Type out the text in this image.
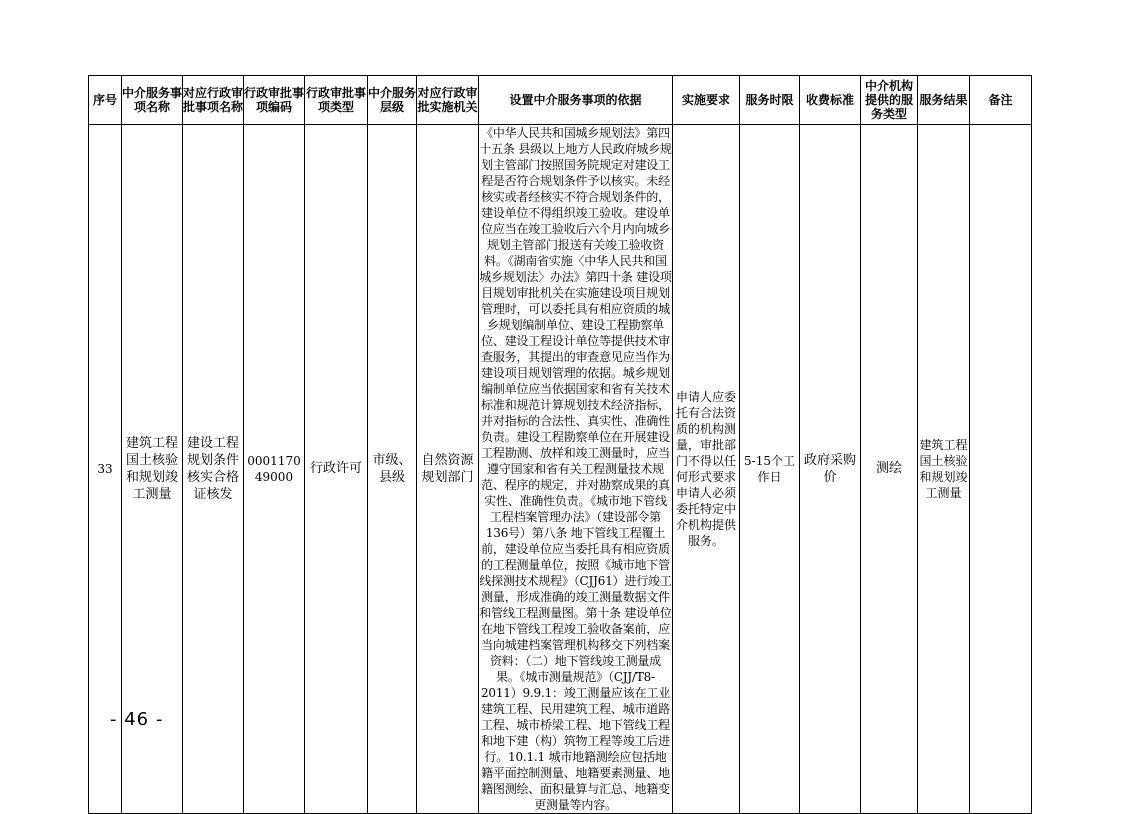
序号	中介服务事项名称	对应行政审批事项名称	行政审批事项编码	行政审批事项类型	中介服务层级	对应行政审批实施机关	设置中介服务事项的依据	实施要求	服务时限	收费标准	中介机构提供的服务类型	服务结果	备注
33	建筑工程国土核验和规划竣工测量	建设工程规划条件核实合格证核发	000117049000	行政许可	市级、县级	自然资源规划部门	《中华人民共和国城乡规划法》第四十五条 县级以上地方人民政府城乡规划主管部门按照国务院规定对建设工程是否符合规划条件予以核实。未经核实或者经核实不符合规划条件的，建设单位不得组织竣工验收。建设单位应当在竣工验收后六个月内向城乡规划主管部门报送有关竣工验收资料。《湖南省实施〈中华人民共和国城乡规划法〉办法》第四十条 建设项目规划审批机关在实施建设项目规划管理时，可以委托具有相应资质的城乡规划编制单位、建设工程勘察单位、建设工程设计单位等提供技术审查服务，其提出的审查意见应当作为建设项目规划管理的依据。城乡规划编制单位应当依据国家和省有关技术标准和规范计算规划技术经济指标，并对指标的合法性、真实性、准确性负责。建设工程勘察单位在开展建设工程勘测、放样和竣工测量时，应当遵守国家和省有关工程测量技术规范、程序的规定，并对勘察成果的真实性、准确性负责。《城市地下管线工程档案管理办法》（建设部令第136号）第八条 地下管线工程覆土前，建设单位应当委托具有相应资质的工程测量单位，按照《城市地下管线探测技术规程》（CJJ61）进行竣工测量，形成准确的竣工测量数据文件和管线工程测量图。第十条 建设单位在地下管线工程竣工验收备案前，应当向城建档案管理机构移交下列档案资料：（二）地下管线竣工测量成果。《城市测量规范》（CJJ/T8-2011）9.9.1：竣工测量应该在工业建筑工程、民用建筑工程、城市道路工程、城市桥梁工程、地下管线工程和地下建（构）筑物工程等竣工后进行。10.1.1 城市地籍测绘应包括地籍平面控制测量、地籍要素测量、地籍图测绘、面积量算与汇总、地籍变更测量等内容。	申请人应委托有合法资质的机构测量，审批部门不得以任何形式要求申请人必须委托特定中介机构提供服务。	5-15个工作日	政府采购价	测绘	建筑工程国土核验和规划竣工测量	
- 46 -
